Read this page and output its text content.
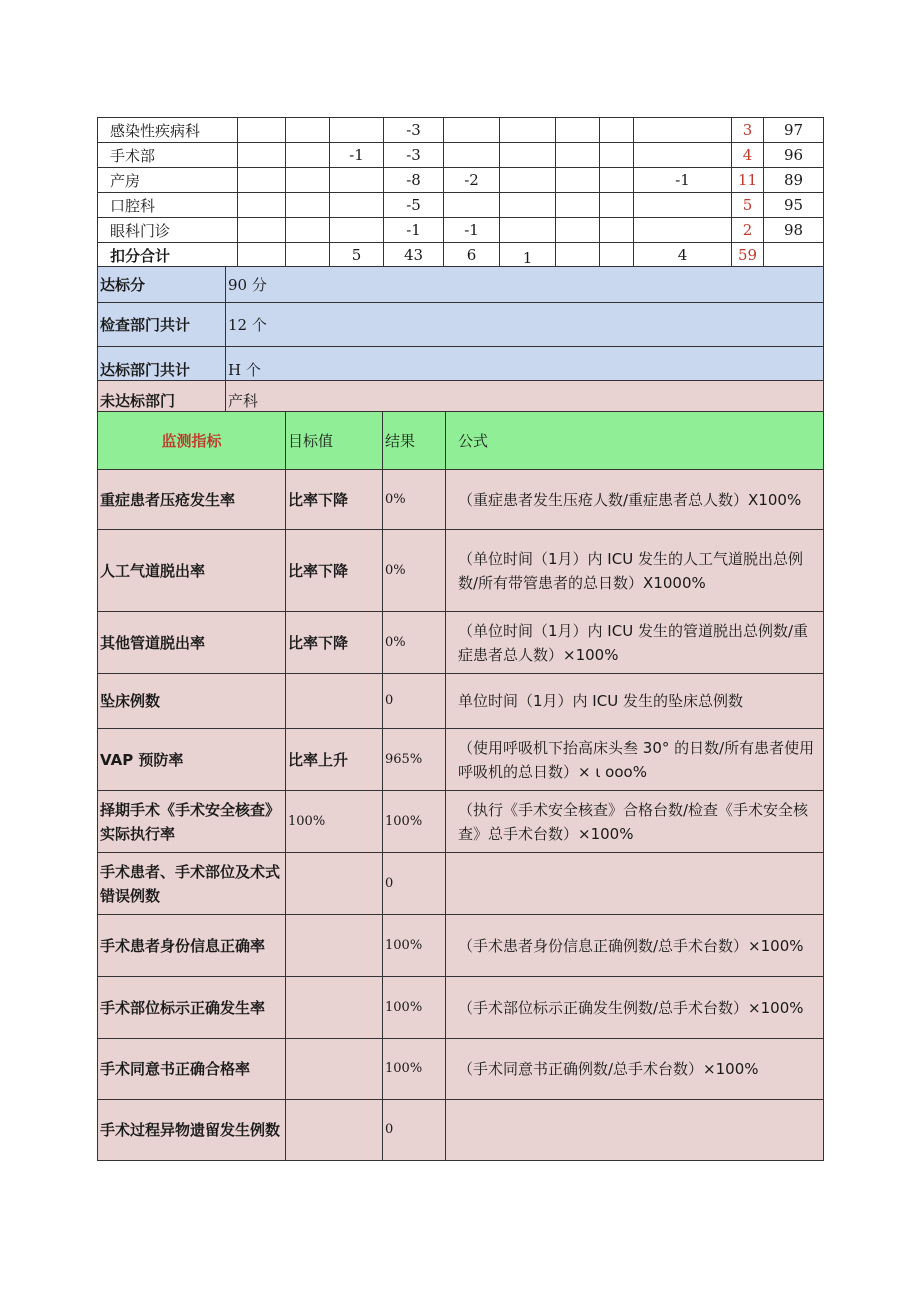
感染性疾病科				-3						3	97
手术部			-1	-3						4	96
产房				-8	-2				-1	11	89
口腔科				-5						5	95
眼科门诊				-1	-1					2	98
扣分合计			5	43	6	1			4	59	
达标分	90 分
检查部门共计	12 个
达标部门共计	H 个
未达标部门	产科
监测指标	目标值	结果	公式
重症患者压疮发生率	比率下降	0%	（重症患者发生压疮人数/重症患者总人数）X100%
人工气道脱出率	比率下降	0%	（单位时间（1月）内 ICU 发生的人工气道脱出总例数/所有带管患者的总日数）X1000%
其他管道脱出率	比率下降	0%	（单位时间（1月）内 ICU 发生的管道脱出总例数/重症患者总人数）×100%
坠床例数		0	单位时间（1月）内 ICU 发生的坠床总例数
VAP 预防率	比率上升	965%	（使用呼吸机下抬高床头叁 30° 的日数/所有患者使用呼吸机的总日数）× ι ooo%
择期手术《手术安全核查》实际执行率	100%	100%	（执行《手术安全核查》合格台数/检查《手术安全核查》总手术台数）×100%
手术患者、手术部位及术式错误例数		0	
手术患者身份信息正确率		100%	（手术患者身份信息正确例数/总手术台数）×100%
手术部位标示正确发生率		100%	（手术部位标示正确发生例数/总手术台数）×100%
手术同意书正确合格率		100%	（手术同意书正确例数/总手术台数）×100%
手术过程异物遗留发生例数		0	
